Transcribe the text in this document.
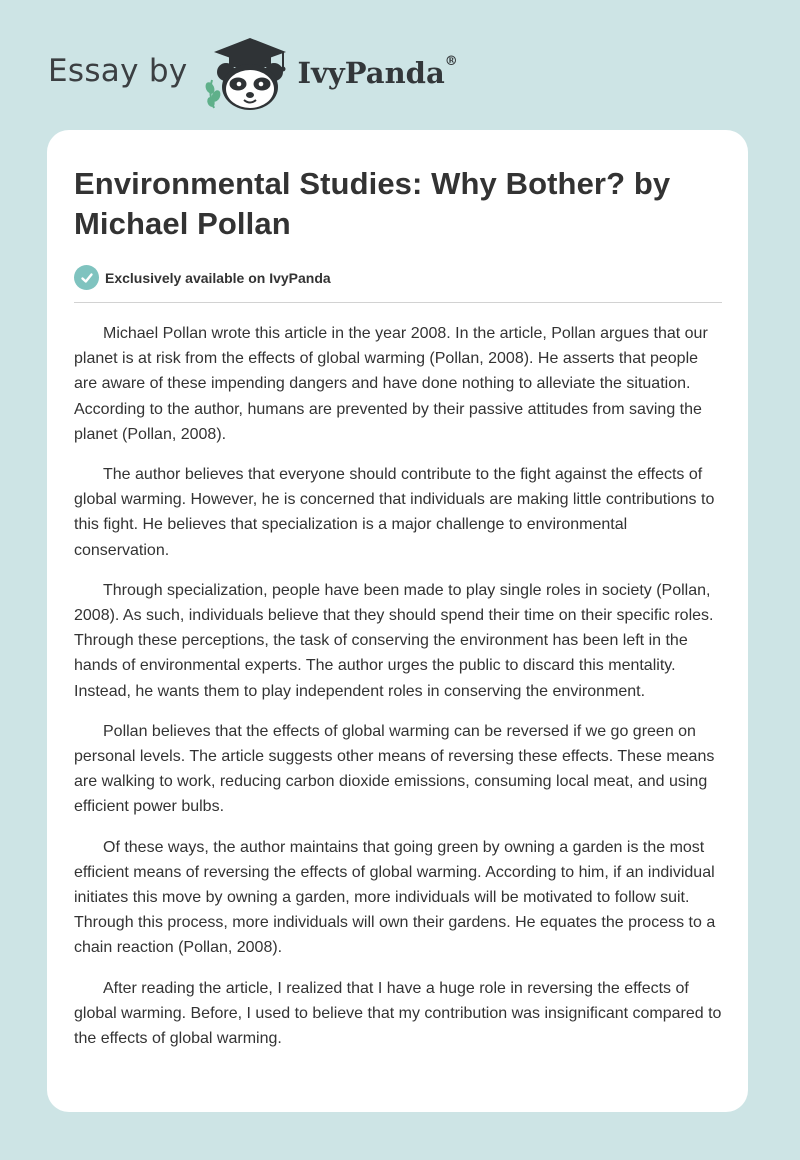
Essay by	IvyPanda®
Environmental Studies: Why Bother? by Michael Pollan
Exclusively available on IvyPanda

Michael Pollan wrote this article in the year 2008. In the article, Pollan argues that our planet is at risk from the effects of global warming (Pollan, 2008). He asserts that people are aware of these impending dangers and have done nothing to alleviate the situation. According to the author, humans are prevented by their passive attitudes from saving the planet (Pollan, 2008).

The author believes that everyone should contribute to the fight against the effects of global warming. However, he is concerned that individuals are making little contributions to this fight. He believes that specialization is a major challenge to environmental conservation.

Through specialization, people have been made to play single roles in society (Pollan, 2008). As such, individuals believe that they should spend their time on their specific roles. Through these perceptions, the task of conserving the environment has been left in the hands of environmental experts. The author urges the public to discard this mentality. Instead, he wants them to play independent roles in conserving the environment.

Pollan believes that the effects of global warming can be reversed if we go green on personal levels. The article suggests other means of reversing these effects. These means are walking to work, reducing carbon dioxide emissions, consuming local meat, and using efficient power bulbs.

Of these ways, the author maintains that going green by owning a garden is the most efficient means of reversing the effects of global warming. According to him, if an individual initiates this move by owning a garden, more individuals will be motivated to follow suit. Through this process, more individuals will own their gardens. He equates the process to a chain reaction (Pollan, 2008).

After reading the article, I realized that I have a huge role in reversing the effects of global warming. Before, I used to believe that my contribution was insignificant compared to the effects of global warming.
